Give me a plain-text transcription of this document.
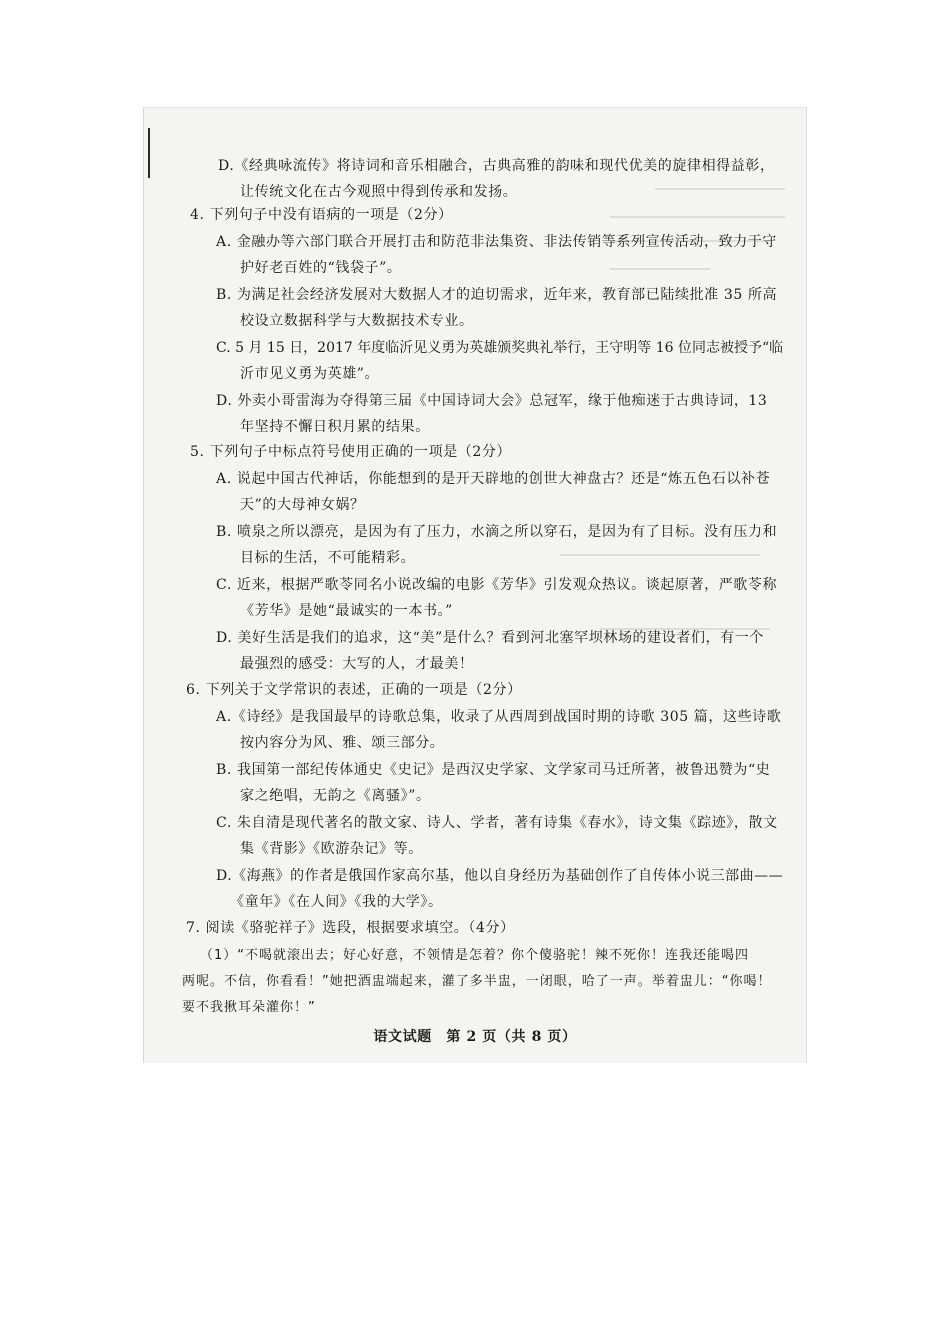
D.《经典咏流传》将诗词和音乐相融合，古典高雅的韵味和现代优美的旋律相得益彰，
让传统文化在古今观照中得到传承和发扬。
4. 下列句子中没有语病的一项是（2分）
A. 金融办等六部门联合开展打击和防范非法集资、非法传销等系列宣传活动，致力于守
护好老百姓的“钱袋子”。
B. 为满足社会经济发展对大数据人才的迫切需求，近年来，教育部已陆续批准 35 所高
校设立数据科学与大数据技术专业。
C. 5 月 15 日，2017 年度临沂见义勇为英雄颁奖典礼举行，王守明等 16 位同志被授予“临
沂市见义勇为英雄”。
D. 外卖小哥雷海为夺得第三届《中国诗词大会》总冠军，缘于他痴迷于古典诗词，13
年坚持不懈日积月累的结果。
5. 下列句子中标点符号使用正确的一项是（2分）
A. 说起中国古代神话，你能想到的是开天辟地的创世大神盘古？还是“炼五色石以补苍
天”的大母神女娲？
B. 喷泉之所以漂亮，是因为有了压力，水滴之所以穿石，是因为有了目标。没有压力和
目标的生活，不可能精彩。
C. 近来，根据严歌苓同名小说改编的电影《芳华》引发观众热议。谈起原著，严歌苓称
《芳华》是她“最诚实的一本书。”
D. 美好生活是我们的追求，这“美”是什么？看到河北塞罕坝林场的建设者们，有一个
最强烈的感受：大写的人，才最美！
6. 下列关于文学常识的表述，正确的一项是（2分）
A.《诗经》是我国最早的诗歌总集，收录了从西周到战国时期的诗歌 305 篇，这些诗歌
按内容分为风、雅、颂三部分。
B. 我国第一部纪传体通史《史记》是西汉史学家、文学家司马迁所著，被鲁迅赞为“史
家之绝唱，无韵之《离骚》”。
C. 朱自清是现代著名的散文家、诗人、学者，著有诗集《春水》，诗文集《踪迹》，散文
集《背影》《欧游杂记》等。
D.《海燕》的作者是俄国作家高尔基，他以自身经历为基础创作了自传体小说三部曲——
《童年》《在人间》《我的大学》。
7. 阅读《骆驼祥子》选段，根据要求填空。（4分）
（1）“不喝就滚出去；好心好意，不领情是怎着？你个傻骆驼！辣不死你！连我还能喝四
两呢。不信，你看看！”她把酒盅端起来，灌了多半盅，一闭眼，哈了一声。举着盅儿：“你喝！
要不我揪耳朵灌你！”
语文试题　第 2 页（共 8 页）
